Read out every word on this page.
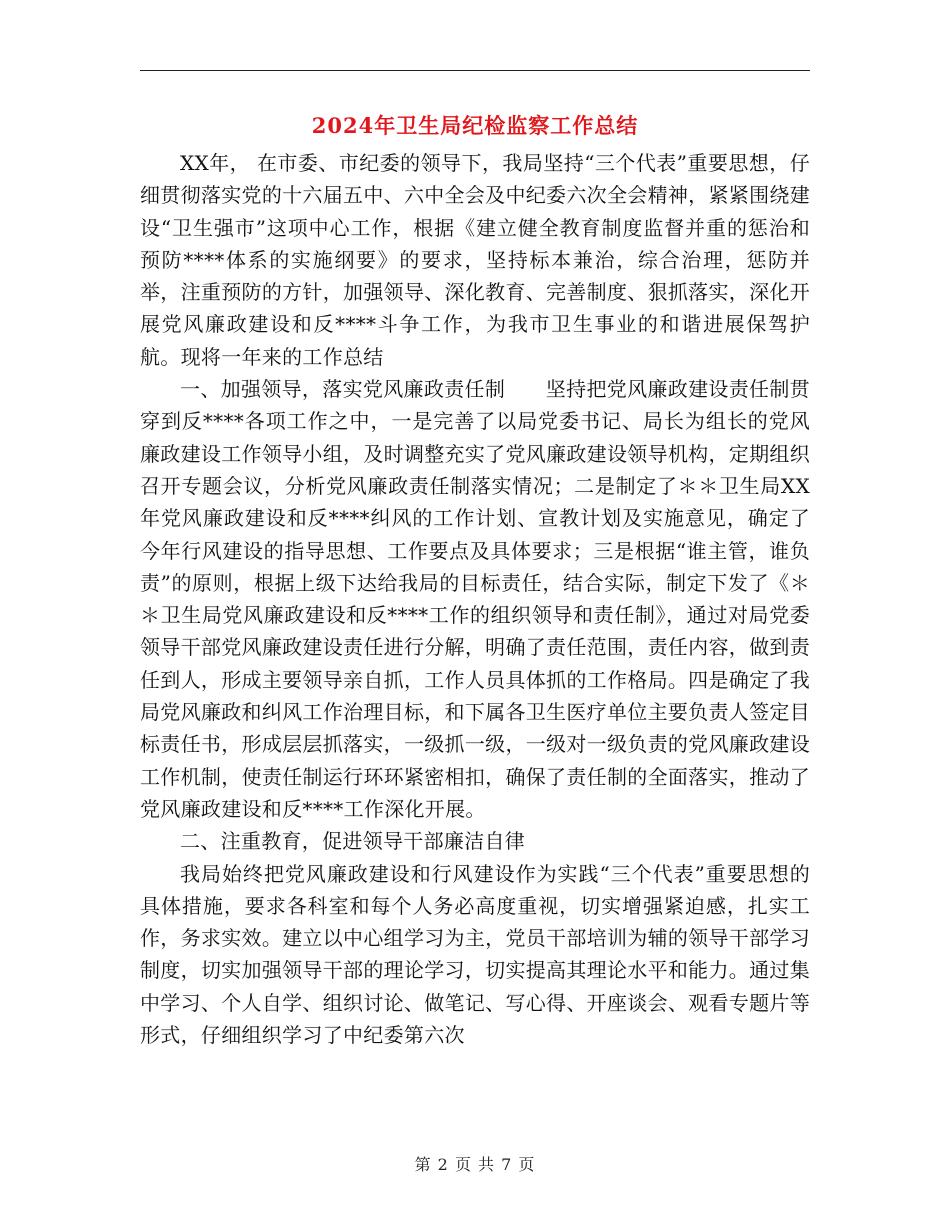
2024年卫生局纪检监察工作总结

XX年， 在市委、市纪委的领导下，我局坚持“三个代表”重要思想，仔细贯彻落实党的十六届五中、六中全会及中纪委六次全会精神，紧紧围绕建设“卫生强市”这项中心工作，根据《建立健全教育制度监督并重的惩治和预防****体系的实施纲要》的要求，坚持标本兼治，综合治理，惩防并举，注重预防的方针，加强领导、深化教育、完善制度、狠抓落实，深化开展党风廉政建设和反****斗争工作，为我市卫生事业的和谐进展保驾护航。现将一年来的工作总结

一、加强领导，落实党风廉政责任制　　坚持把党风廉政建设责任制贯穿到反****各项工作之中，一是完善了以局党委书记、局长为组长的党风廉政建设工作领导小组，及时调整充实了党风廉政建设领导机构，定期组织召开专题会议，分析党风廉政责任制落实情况；二是制定了＊＊卫生局XX年党风廉政建设和反****纠风的工作计划、宣教计划及实施意见，确定了今年行风建设的指导思想、工作要点及具体要求；三是根据“谁主管，谁负责”的原则，根据上级下达给我局的目标责任，结合实际，制定下发了《＊＊卫生局党风廉政建设和反****工作的组织领导和责任制》，通过对局党委领导干部党风廉政建设责任进行分解，明确了责任范围，责任内容，做到责任到人，形成主要领导亲自抓，工作人员具体抓的工作格局。四是确定了我局党风廉政和纠风工作治理目标，和下属各卫生医疗单位主要负责人签定目标责任书，形成层层抓落实，一级抓一级，一级对一级负责的党风廉政建设工作机制，使责任制运行环环紧密相扣，确保了责任制的全面落实，推动了党风廉政建设和反****工作深化开展。

二、注重教育，促进领导干部廉洁自律

我局始终把党风廉政建设和行风建设作为实践“三个代表”重要思想的具体措施，要求各科室和每个人务必高度重视，切实增强紧迫感，扎实工作，务求实效。建立以中心组学习为主，党员干部培训为辅的领导干部学习制度，切实加强领导干部的理论学习，切实提高其理论水平和能力。通过集中学习、个人自学、组织讨论、做笔记、写心得、开座谈会、观看专题片等形式，仔细组织学习了中纪委第六次

第 2 页 共 7 页
